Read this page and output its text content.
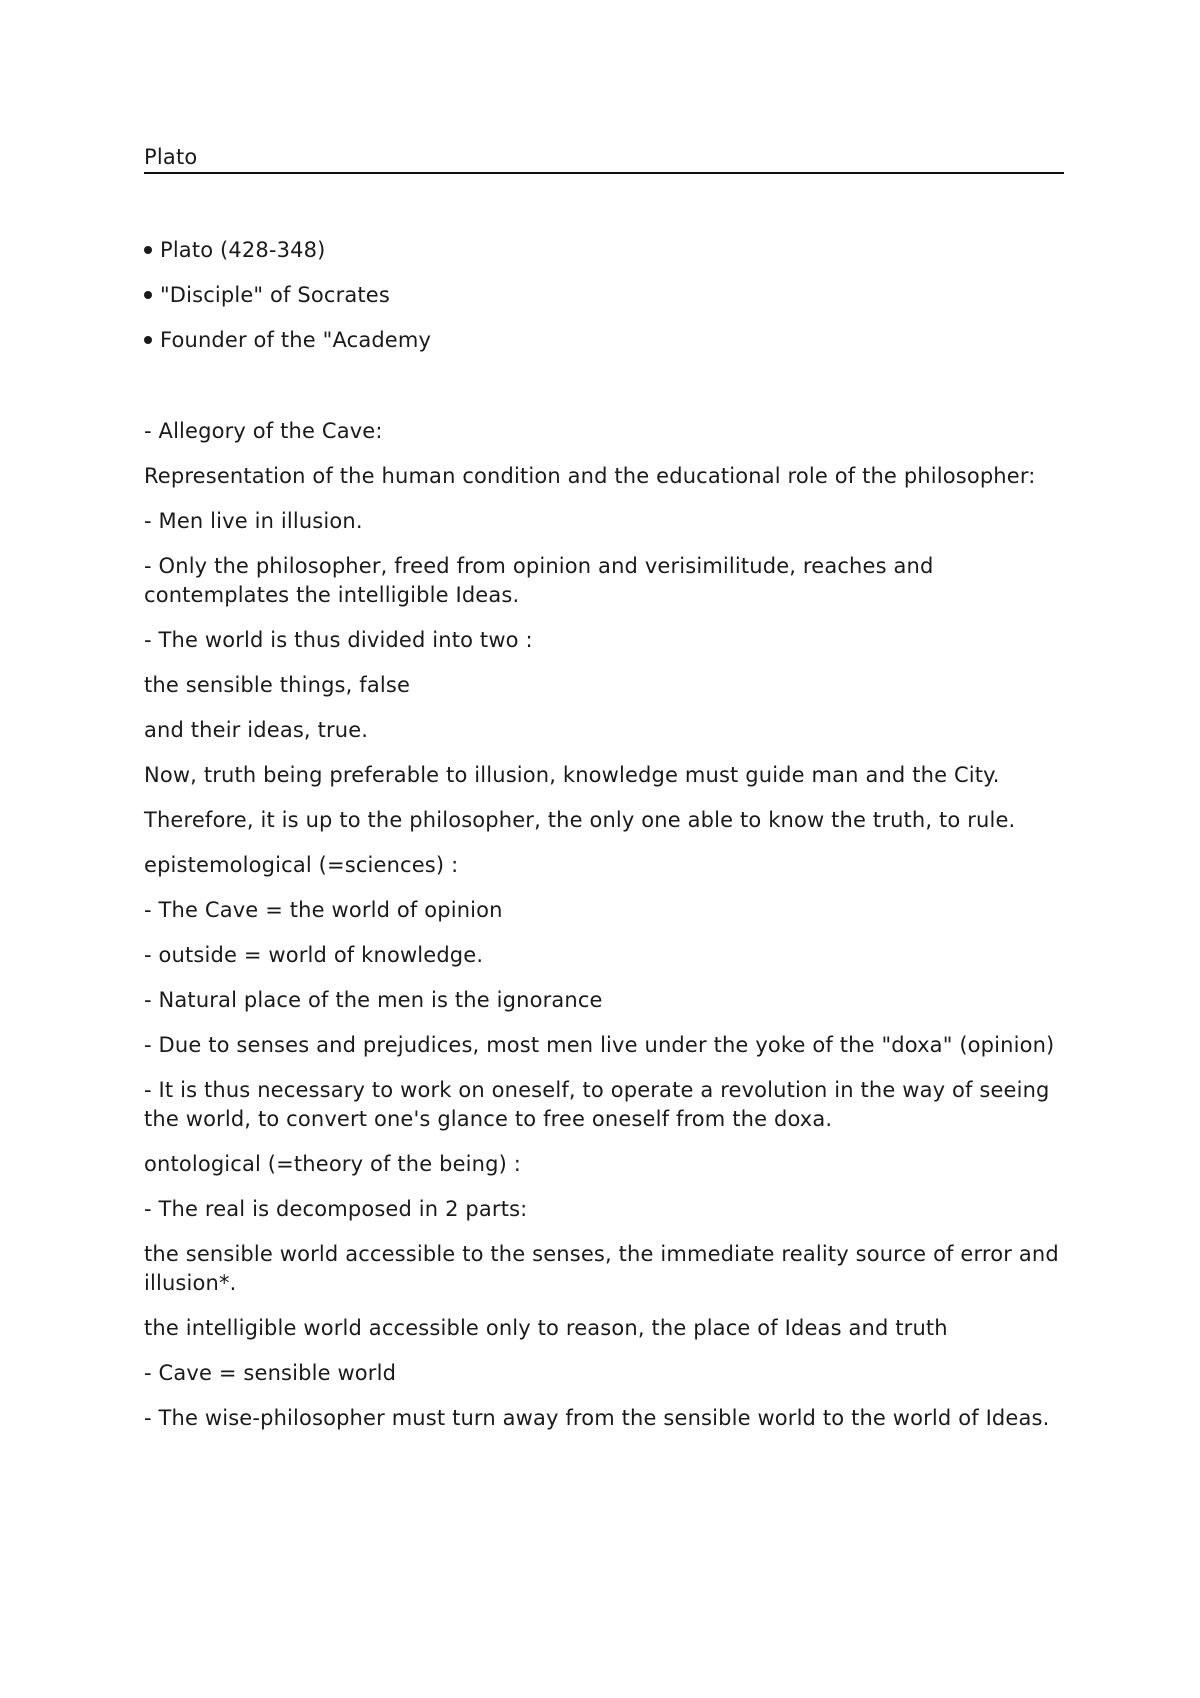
Plato
Plato (428-348)
"Disciple" of Socrates
Founder of the "Academy

- Allegory of the Cave:

Representation of the human condition and the educational role of the philosopher:

- Men live in illusion.

- Only the philosopher, freed from opinion and verisimilitude, reaches and contemplates the intelligible Ideas.

- The world is thus divided into two :

the sensible things, false

and their ideas, true.

Now, truth being preferable to illusion, knowledge must guide man and the City.

Therefore, it is up to the philosopher, the only one able to know the truth, to rule.

epistemological (=sciences) :

- The Cave = the world of opinion

- outside = world of knowledge.

- Natural place of the men is the ignorance

- Due to senses and prejudices, most men live under the yoke of the "doxa" (opinion)

- It is thus necessary to work on oneself, to operate a revolution in the way of seeing the world, to convert one's glance to free oneself from the doxa.

ontological (=theory of the being) :

- The real is decomposed in 2 parts:

the sensible world accessible to the senses, the immediate reality source of error and illusion*.

the intelligible world accessible only to reason, the place of Ideas and truth

- Cave = sensible world

- The wise-philosopher must turn away from the sensible world to the world of Ideas.
